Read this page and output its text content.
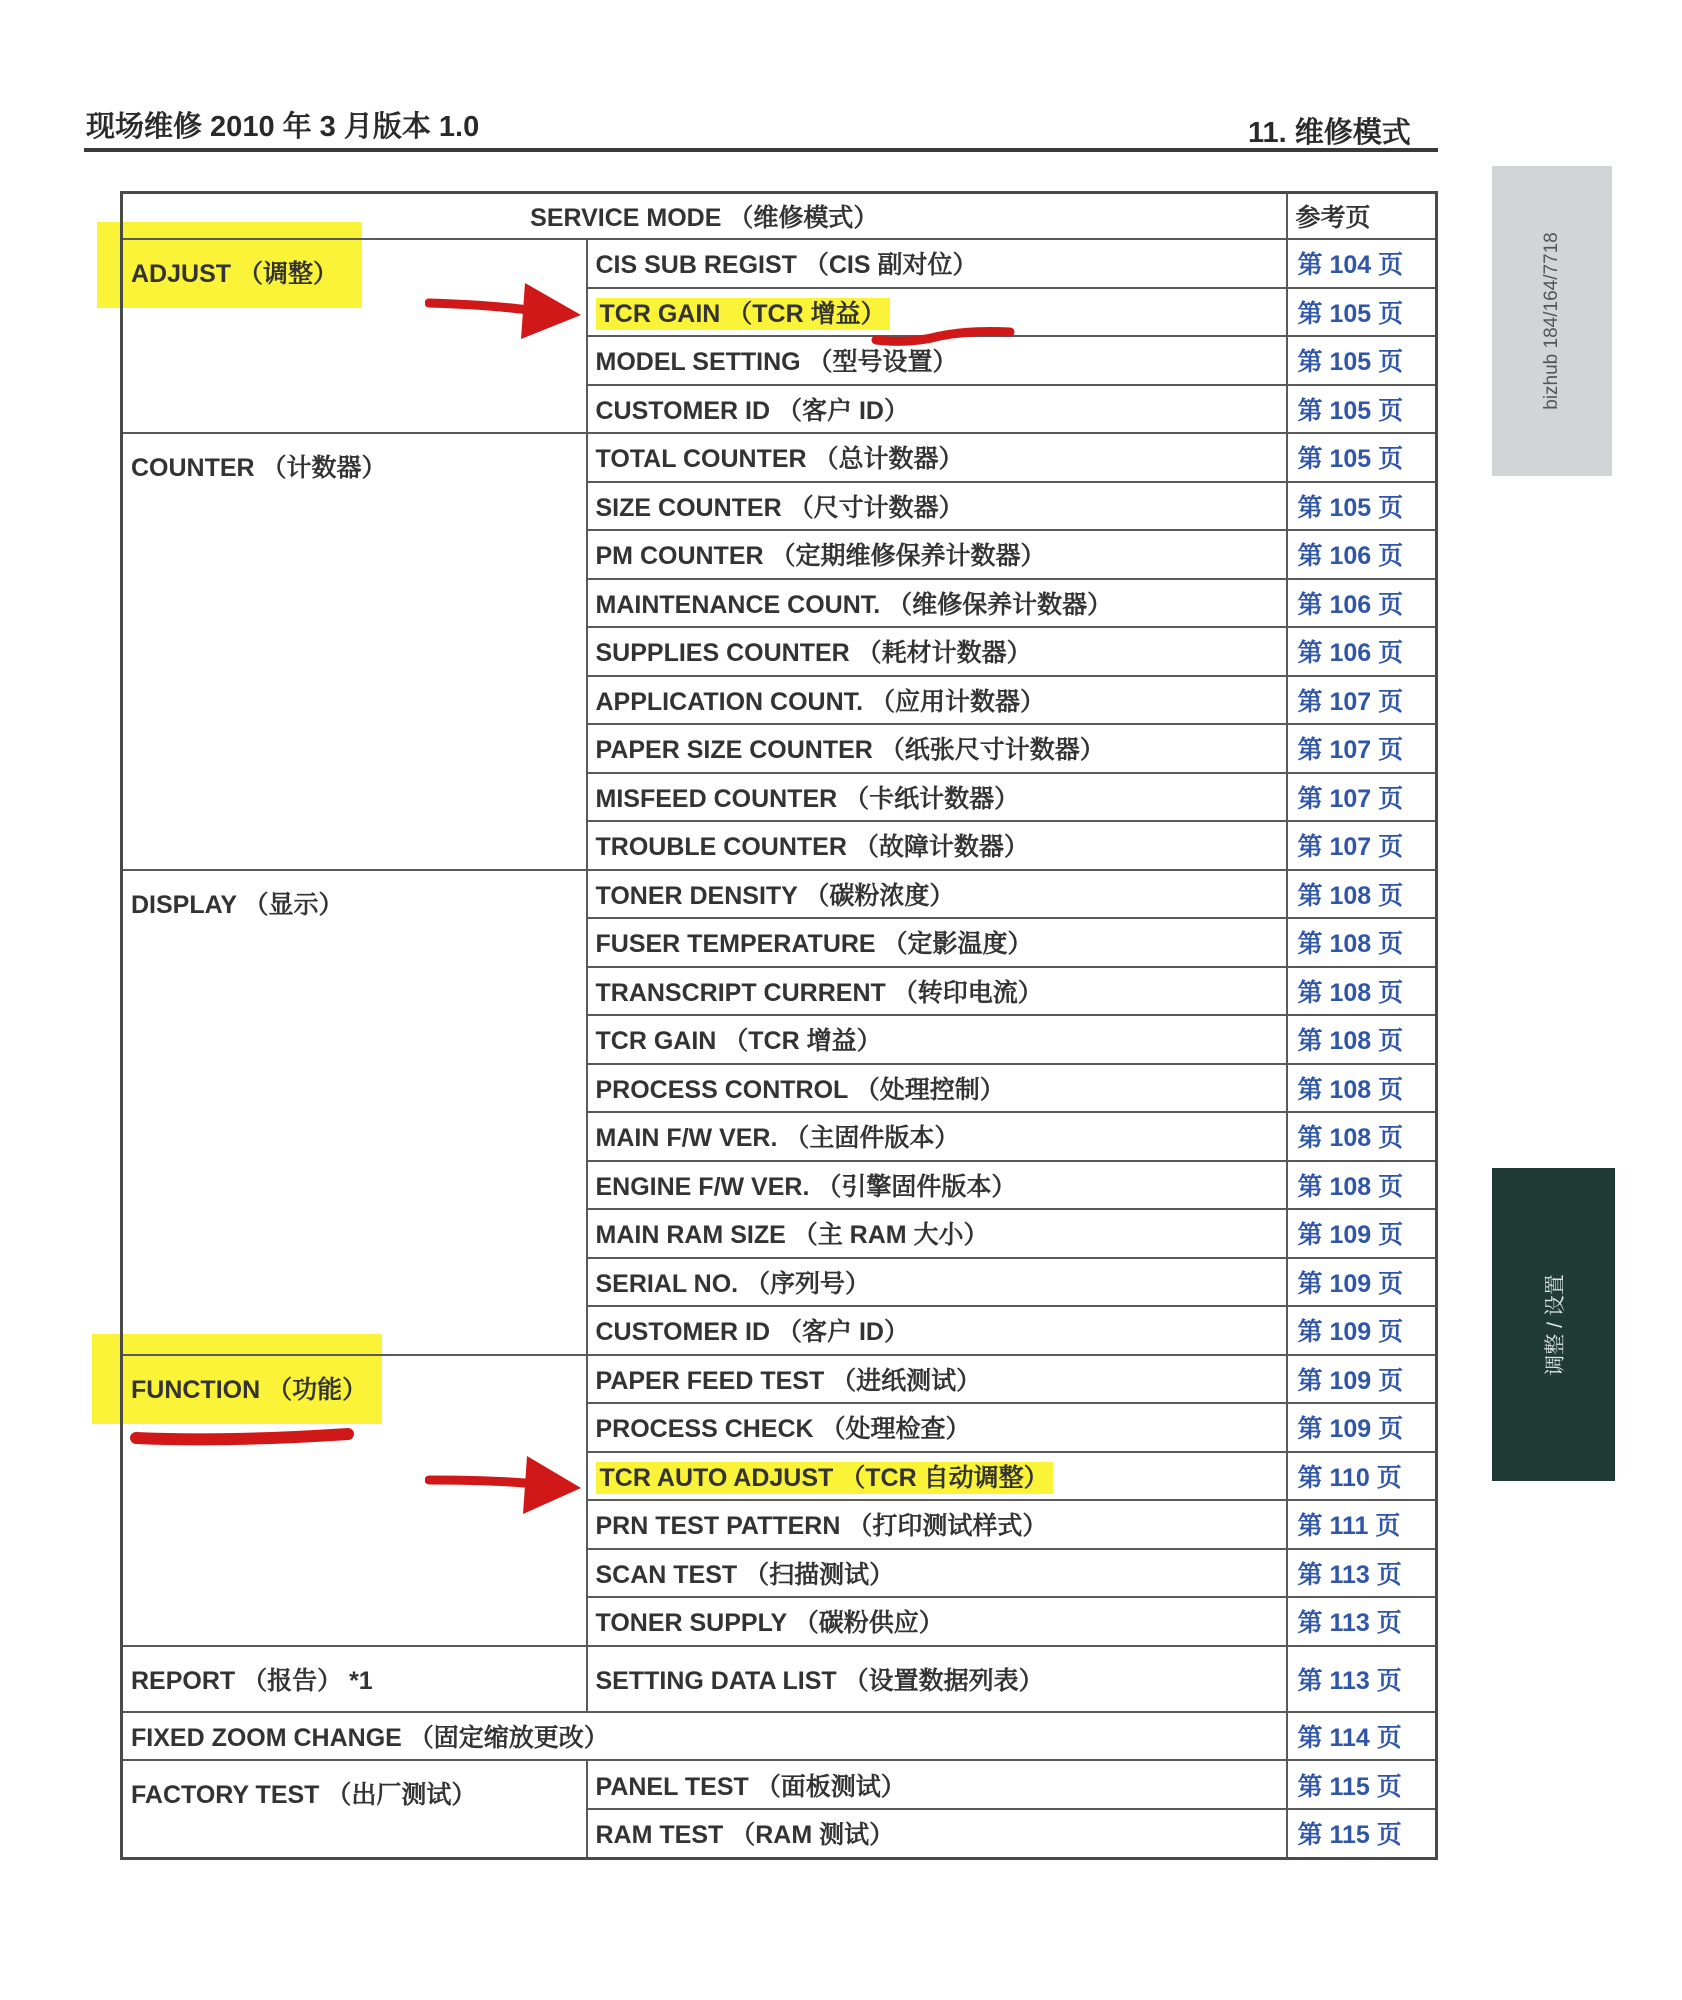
现场维修 2010 年 3 月版本 1.0	11. 维修模式
SERVICE MODE （维修模式）		参考页
ADJUST （调整）	CIS SUB REGIST （CIS 副对位）	第 104 页
	TCR GAIN （TCR 增益）	第 105 页
	MODEL SETTING （型号设置）	第 105 页
	CUSTOMER ID （客户 ID）	第 105 页
COUNTER （计数器）	TOTAL COUNTER （总计数器）	第 105 页
	SIZE COUNTER （尺寸计数器）	第 105 页
	PM COUNTER （定期维修保养计数器）	第 106 页
	MAINTENANCE COUNT. （维修保养计数器）	第 106 页
	SUPPLIES COUNTER （耗材计数器）	第 106 页
	APPLICATION COUNT. （应用计数器）	第 107 页
	PAPER SIZE COUNTER （纸张尺寸计数器）	第 107 页
	MISFEED COUNTER （卡纸计数器）	第 107 页
	TROUBLE COUNTER （故障计数器）	第 107 页
DISPLAY （显示）	TONER DENSITY （碳粉浓度）	第 108 页
	FUSER TEMPERATURE （定影温度）	第 108 页
	TRANSCRIPT CURRENT （转印电流）	第 108 页
	TCR GAIN （TCR 增益）	第 108 页
	PROCESS CONTROL （处理控制）	第 108 页
	MAIN F/W VER. （主固件版本）	第 108 页
	ENGINE F/W VER. （引擎固件版本）	第 108 页
	MAIN RAM SIZE （主 RAM 大小）	第 109 页
	SERIAL NO. （序列号）	第 109 页
	CUSTOMER ID （客户 ID）	第 109 页
FUNCTION （功能）	PAPER FEED TEST （进纸测试）	第 109 页
	PROCESS CHECK （处理检查）	第 109 页
	TCR AUTO ADJUST （TCR 自动调整）	第 110 页
	PRN TEST PATTERN （打印测试样式）	第 111 页
	SCAN TEST （扫描测试）	第 113 页
	TONER SUPPLY （碳粉供应）	第 113 页
REPORT （报告） *1	SETTING DATA LIST （设置数据列表）	第 113 页
FIXED ZOOM CHANGE （固定缩放更改）		第 114 页
FACTORY TEST （出厂测试）	PANEL TEST （面板测试）	第 115 页
	RAM TEST （RAM 测试）	第 115 页
bizhub 184/164/7718
调整 / 设置
